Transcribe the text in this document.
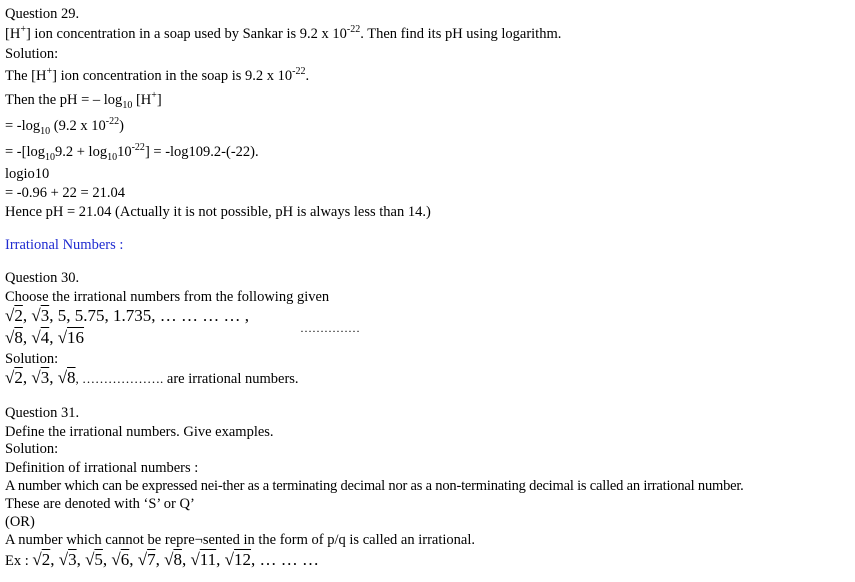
Question 29.
[H+] ion concentration in a soap used by Sankar is 9.2 x $10^{-22}$. Then find its pH using logarithm.
Solution:
The [H+] ion concentration in the soap is 9.2 x $10^{-22}$.
Then the pH = – $\log_{10} [H^+]$
= $-\log_{10}$ (9.2 x $10^{-22}$)
= $-[\log_{10}9.2 + \log_{10}10^{-22}] = -\log 109.2-(-22)$.
logio10
= -0.96 + 22 = 21.04
Hence pH = 21.04 (Actually it is not possible, pH is always less than 14.)
Irrational Numbers :
Question 30.
Choose the irrational numbers from the following given
√2, √3, 5, 5.75, 1.735, … … … … ,
……………
√8, √4, √16
Solution:
√2, √3, √8, ………………. are irrational numbers.
Question 31.
Define the irrational numbers. Give examples.
Solution:
Definition of irrational numbers :
A number which can be expressed nei-ther as a terminating decimal nor as a non-terminating decimal is called an irrational number.
These are denoted with ‘S’ or Q’
(OR)
A number which cannot be repre¬sented in the form of p/q is called an irrational.
Ex : √2, √3, √5, √6, √7, √8, √11, √12, … … …
